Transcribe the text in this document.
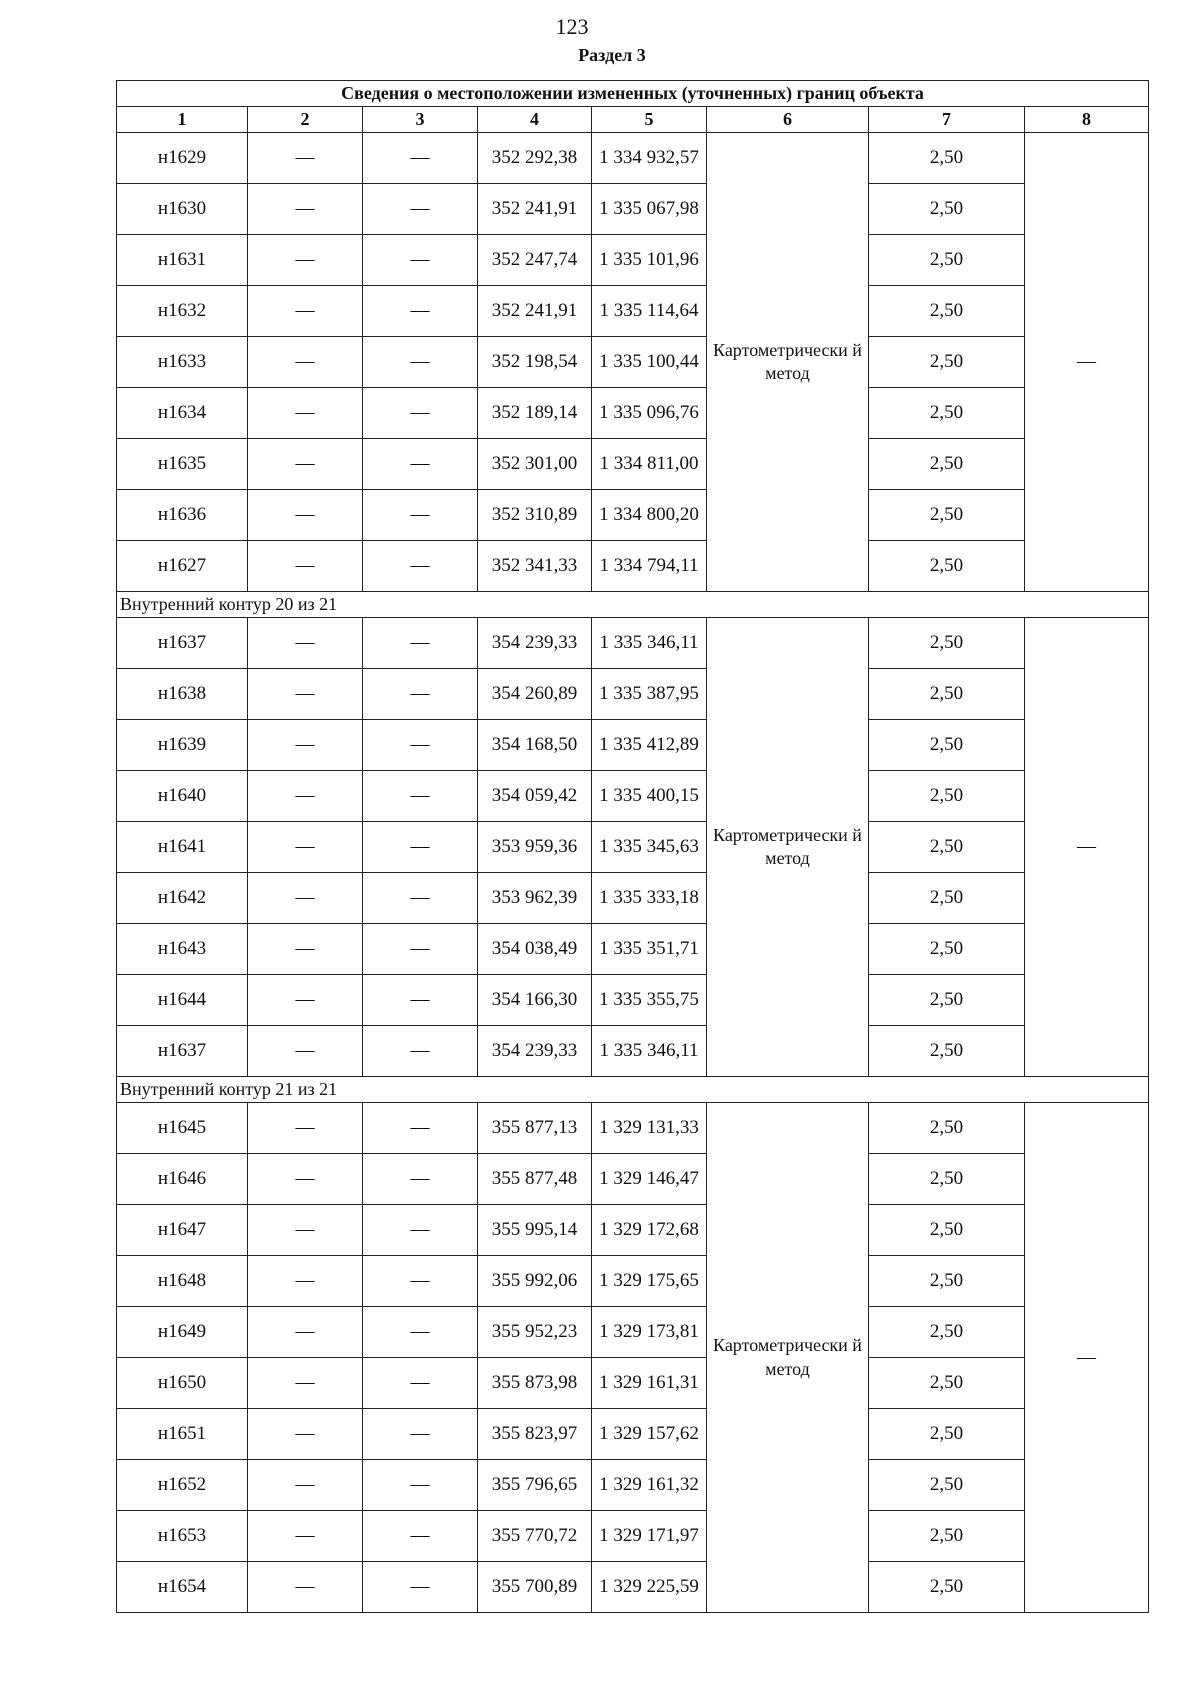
123
Раздел 3
Сведения о местоположении измененных (уточненных) границ объекта							
1	2	3	4	5	6	7	8
н1629	—	—	352 292,38	1 334 932,57	Картометрически й метод	2,50	—
н1630	—	—	352 241,91	1 335 067,98		2,50	
н1631	—	—	352 247,74	1 335 101,96		2,50	
н1632	—	—	352 241,91	1 335 114,64		2,50	
н1633	—	—	352 198,54	1 335 100,44		2,50	
н1634	—	—	352 189,14	1 335 096,76		2,50	
н1635	—	—	352 301,00	1 334 811,00		2,50	
н1636	—	—	352 310,89	1 334 800,20		2,50	
н1627	—	—	352 341,33	1 334 794,11		2,50	
Внутренний контур 20 из 21							
н1637	—	—	354 239,33	1 335 346,11	Картометрически й метод	2,50	—
н1638	—	—	354 260,89	1 335 387,95		2,50	
н1639	—	—	354 168,50	1 335 412,89		2,50	
н1640	—	—	354 059,42	1 335 400,15		2,50	
н1641	—	—	353 959,36	1 335 345,63		2,50	
н1642	—	—	353 962,39	1 335 333,18		2,50	
н1643	—	—	354 038,49	1 335 351,71		2,50	
н1644	—	—	354 166,30	1 335 355,75		2,50	
н1637	—	—	354 239,33	1 335 346,11		2,50	
Внутренний контур 21 из 21							
н1645	—	—	355 877,13	1 329 131,33	Картометрически й метод	2,50	—
н1646	—	—	355 877,48	1 329 146,47		2,50	
н1647	—	—	355 995,14	1 329 172,68		2,50	
н1648	—	—	355 992,06	1 329 175,65		2,50	
н1649	—	—	355 952,23	1 329 173,81		2,50	
н1650	—	—	355 873,98	1 329 161,31		2,50	
н1651	—	—	355 823,97	1 329 157,62		2,50	
н1652	—	—	355 796,65	1 329 161,32		2,50	
н1653	—	—	355 770,72	1 329 171,97		2,50	
н1654	—	—	355 700,89	1 329 225,59		2,50	
